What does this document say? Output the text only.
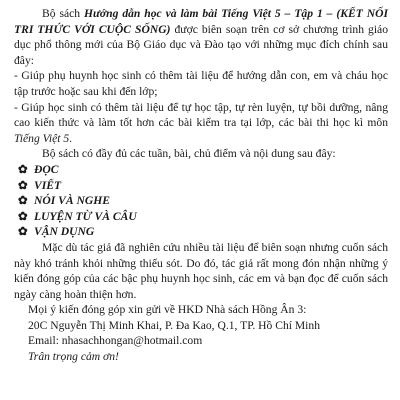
Bộ sách Hướng dẫn học và làm bài Tiếng Việt 5 – Tập 1 – (KẾT NỐI TRI THỨC VỚI CUỘC SỐNG) được biên soạn trên cơ sở chương trình giáo dục phổ thông mới của Bộ Giáo dục và Đào tạo với những mục đích chính sau đây:

- Giúp phụ huynh học sinh có thêm tài liệu để hướng dẫn con, em và cháu học tập trước hoặc sau khi đến lớp;

- Giúp học sinh có thêm tài liệu để tự học tập, tự rèn luyện, tự bồi dưỡng, nâng cao kiến thức và làm tốt hơn các bài kiểm tra tại lớp, các bài thi học kì môn Tiếng Việt 5.

Bộ sách có đầy đủ các tuần, bài, chủ điểm và nội dung sau đây:

✿ ĐỌC
✿ VIẾT
✿ NÓI VÀ NGHE
✿ LUYỆN TỪ VÀ CÂU
✿ VẬN DỤNG

Mặc dù tác giả đã nghiên cứu nhiều tài liệu để biên soạn nhưng cuốn sách này khó tránh khỏi những thiếu sót. Do đó, tác giả rất mong đón nhận những ý kiến đóng góp của các bậc phụ huynh học sinh, các em và bạn đọc để cuốn sách ngày càng hoàn thiện hơn.

Mọi ý kiến đóng góp xin gửi về HKD Nhà sách Hồng Ân 3:

20C Nguyễn Thị Minh Khai, P. Đa Kao, Q.1, TP. Hồ Chí Minh

Email: nhasachhongan@hotmail.com

Trân trọng cảm ơn!
